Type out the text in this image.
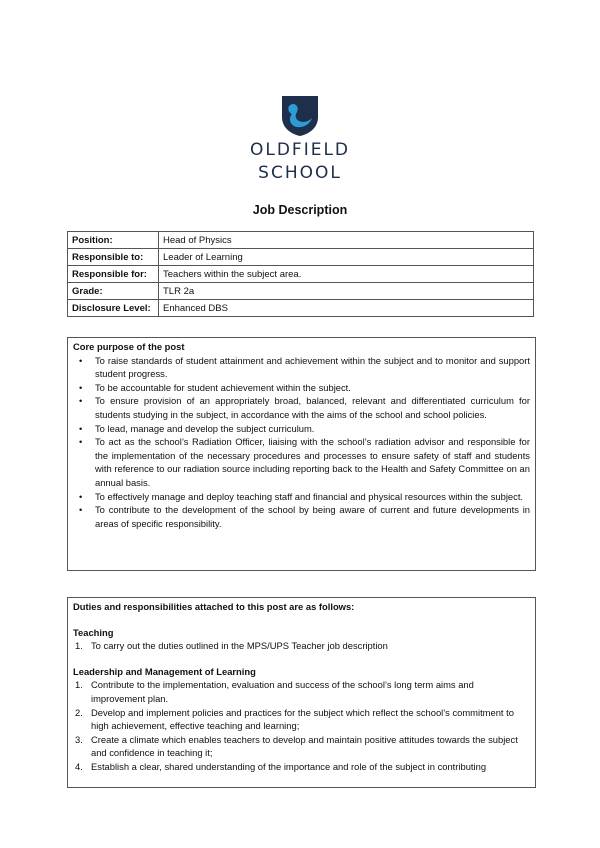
OLDFIELD
SCHOOL
Job Description
Position:	Head of Physics
Responsible to:	Leader of Learning
Responsible for:	Teachers within the subject area.
Grade:	TLR 2a
Disclosure Level:	Enhanced DBS
Core purpose of the post
• To raise standards of student attainment and achievement within the subject and to monitor and support student progress.
• To be accountable for student achievement within the subject.
• To ensure provision of an appropriately broad, balanced, relevant and differentiated curriculum for students studying in the subject, in accordance with the aims of the school and school policies.
• To lead, manage and develop the subject curriculum.
• To act as the school’s Radiation Officer, liaising with the school’s radiation advisor and responsible for the implementation of the necessary procedures and processes to ensure safety of staff and students with reference to our radiation source including reporting back to the Health and Safety Committee on an annual basis.
• To effectively manage and deploy teaching staff and financial and physical resources within the subject.
• To contribute to the development of the school by being aware of current and future developments in areas of specific responsibility.
Duties and responsibilities attached to this post are as follows:
Teaching
1. To carry out the duties outlined in the MPS/UPS Teacher job description
Leadership and Management of Learning
1. Contribute to the implementation, evaluation and success of the school’s long term aims and improvement plan.
2. Develop and implement policies and practices for the subject which reflect the school’s commitment to high achievement, effective teaching and learning;
3. Create a climate which enables teachers to develop and maintain positive attitudes towards the subject and confidence in teaching it;
4. Establish a clear, shared understanding of the importance and role of the subject in contributing
